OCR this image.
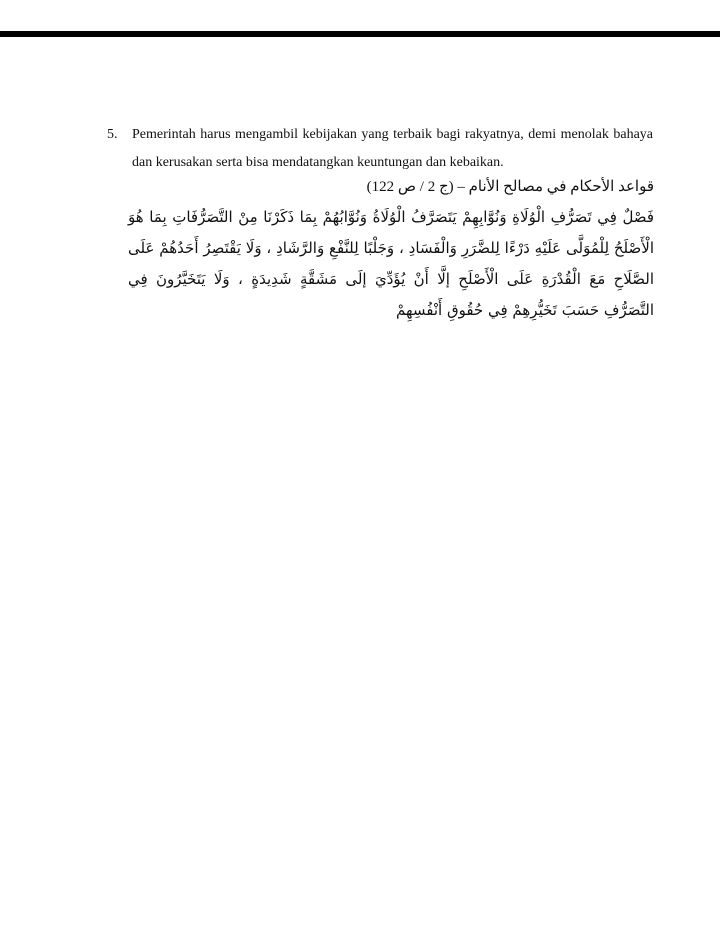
5. Pemerintah harus mengambil kebijakan yang terbaik bagi rakyatnya, demi menolak bahaya dan kerusakan serta bisa mendatangkan keuntungan dan kebaikan.

قواعد الأحكام في مصالح الأنام – (ج 2 / ص 122)

فَصْلٌ فِي تَصَرُّفِ الْوُلَاةِ وَنُوَّابِهِمْ يَتَصَرَّفُ الْوُلَاةُ وَنُوَّابُهُمْ بِمَا ذَكَرْنَا مِنْ التَّصَرُّفَاتِ بِمَا هُوَ الْأَصْلَحُ لِلْمُوَلَّى عَلَيْهِ دَرْءًا لِلضَّرَرِ وَالْفَسَادِ ، وَجَلْبًا لِلنَّفْعِ وَالرَّشَادِ ، وَلَا يَقْتَصِرُ أَحَدُهُمْ عَلَى الصَّلَاحِ مَعَ الْقُدْرَةِ عَلَى الْأَصْلَحِ إلَّا أَنْ يُؤَدِّيَ إلَى مَشَقَّةٍ شَدِيدَةٍ ، وَلَا يَتَخَيَّرُونَ فِي التَّصَرُّفِ حَسَبَ تَخَيُّرِهِمْ فِي حُقُوقِ أَنْفُسِهِمْ
